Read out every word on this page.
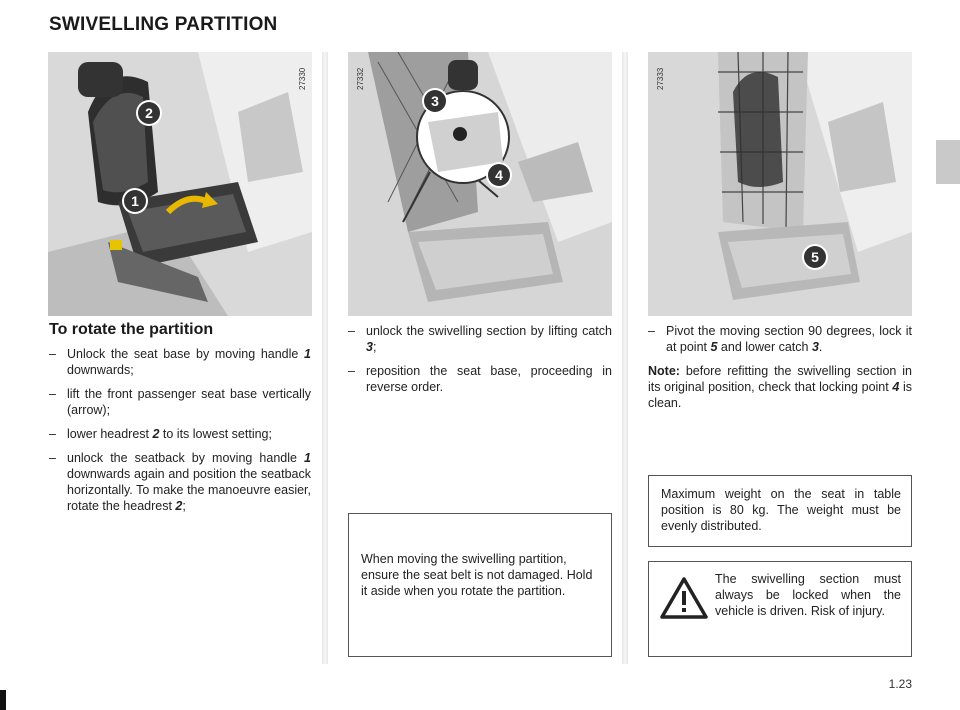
SWIVELLING PARTITION
27330
2
1
27332
3
4
27333
5
To rotate the partition
– Unlock the seat base by moving handle 1 downwards;
– lift the front passenger seat base vertically (arrow);
– lower headrest 2 to its lowest setting;
– unlock the seatback by moving handle 1 downwards again and position the seatback horizontally. To make the manoeuvre easier, rotate the headrest 2;
– unlock the swivelling section by lifting catch 3;
– reposition the seat base, proceeding in reverse order.
When moving the swivelling partition, ensure the seat belt is not damaged. Hold it aside when you rotate the partition.
– Pivot the moving section 90 degrees, lock it at point 5 and lower catch 3.
Note: before refitting the swivelling section in its original position, check that locking point 4 is clean.
Maximum weight on the seat in table position is 80 kg. The weight must be evenly distributed.
The swivelling section must always be locked when the vehicle is driven. Risk of injury.
1.23
